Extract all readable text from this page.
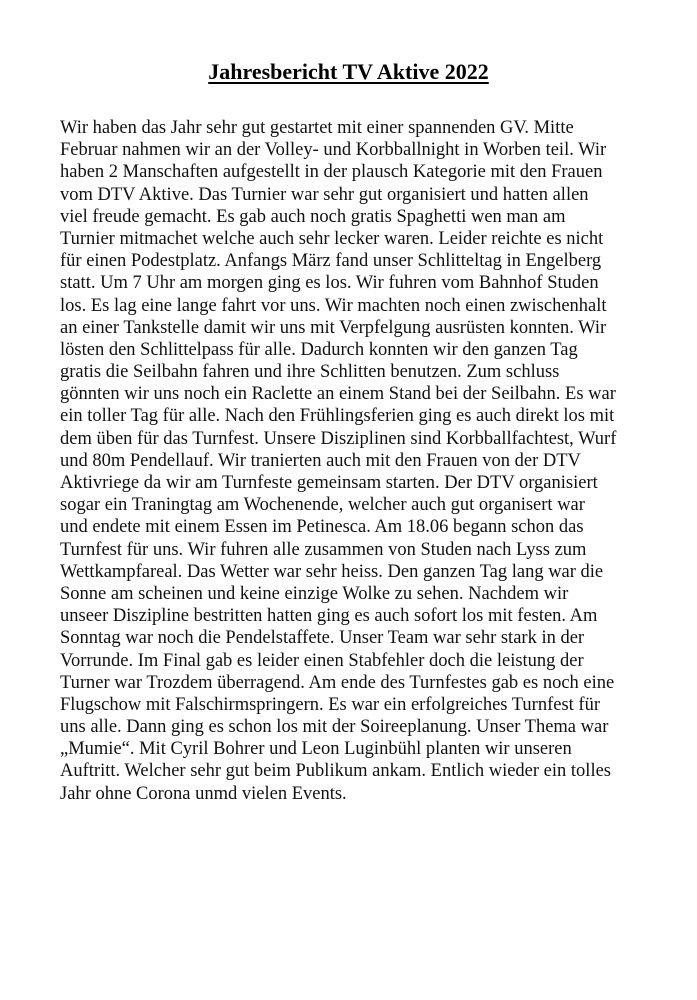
Jahresbericht TV Aktive 2022
Wir haben das Jahr sehr gut gestartet mit einer spannenden GV. Mitte
Februar nahmen wir an der Volley- und Korbballnight in Worben teil. Wir
haben 2 Manschaften aufgestellt in der plausch Kategorie mit den Frauen
vom DTV Aktive. Das Turnier war sehr gut organisiert und hatten allen
viel freude gemacht. Es gab auch noch gratis Spaghetti wen man am
Turnier mitmachet welche auch sehr lecker waren. Leider reichte es nicht
für einen Podestplatz. Anfangs März fand unser Schlitteltag in Engelberg
statt. Um 7 Uhr am morgen ging es los. Wir fuhren vom Bahnhof Studen
los. Es lag eine lange fahrt vor uns. Wir machten noch einen zwischenhalt
an einer Tankstelle damit wir uns mit Verpfelgung ausrüsten konnten. Wir
lösten den Schlittelpass für alle. Dadurch konnten wir den ganzen Tag
gratis die Seilbahn fahren und ihre Schlitten benutzen. Zum schluss
gönnten wir uns noch ein Raclette an einem Stand bei der Seilbahn. Es war
ein toller Tag für alle. Nach den Frühlingsferien ging es auch direkt los mit
dem üben für das Turnfest. Unsere Disziplinen sind Korbballfachtest, Wurf
und 80m Pendellauf. Wir tranierten auch mit den Frauen von der DTV
Aktivriege da wir am Turnfeste gemeinsam starten. Der DTV organisiert
sogar ein Traningtag am Wochenende, welcher auch gut organisert war
und endete mit einem Essen im Petinesca. Am 18.06 begann schon das
Turnfest für uns. Wir fuhren alle zusammen von Studen nach Lyss zum
Wettkampfareal. Das Wetter war sehr heiss. Den ganzen Tag lang war die
Sonne am scheinen und keine einzige Wolke zu sehen. Nachdem wir
unseer Diszipline bestritten hatten ging es auch sofort los mit festen. Am
Sonntag war noch die Pendelstaffete. Unser Team war sehr stark in der
Vorrunde. Im Final gab es leider einen Stabfehler doch die leistung der
Turner war Trozdem überragend. Am ende des Turnfestes gab es noch eine
Flugschow mit Falschirmspringern. Es war ein erfolgreiches Turnfest für
uns alle. Dann ging es schon los mit der Soireeplanung. Unser Thema war
„Mumie“. Mit Cyril Bohrer und Leon Luginbühl planten wir unseren
Auftritt. Welcher sehr gut beim Publikum ankam. Entlich wieder ein tolles
Jahr ohne Corona unmd vielen Events.
